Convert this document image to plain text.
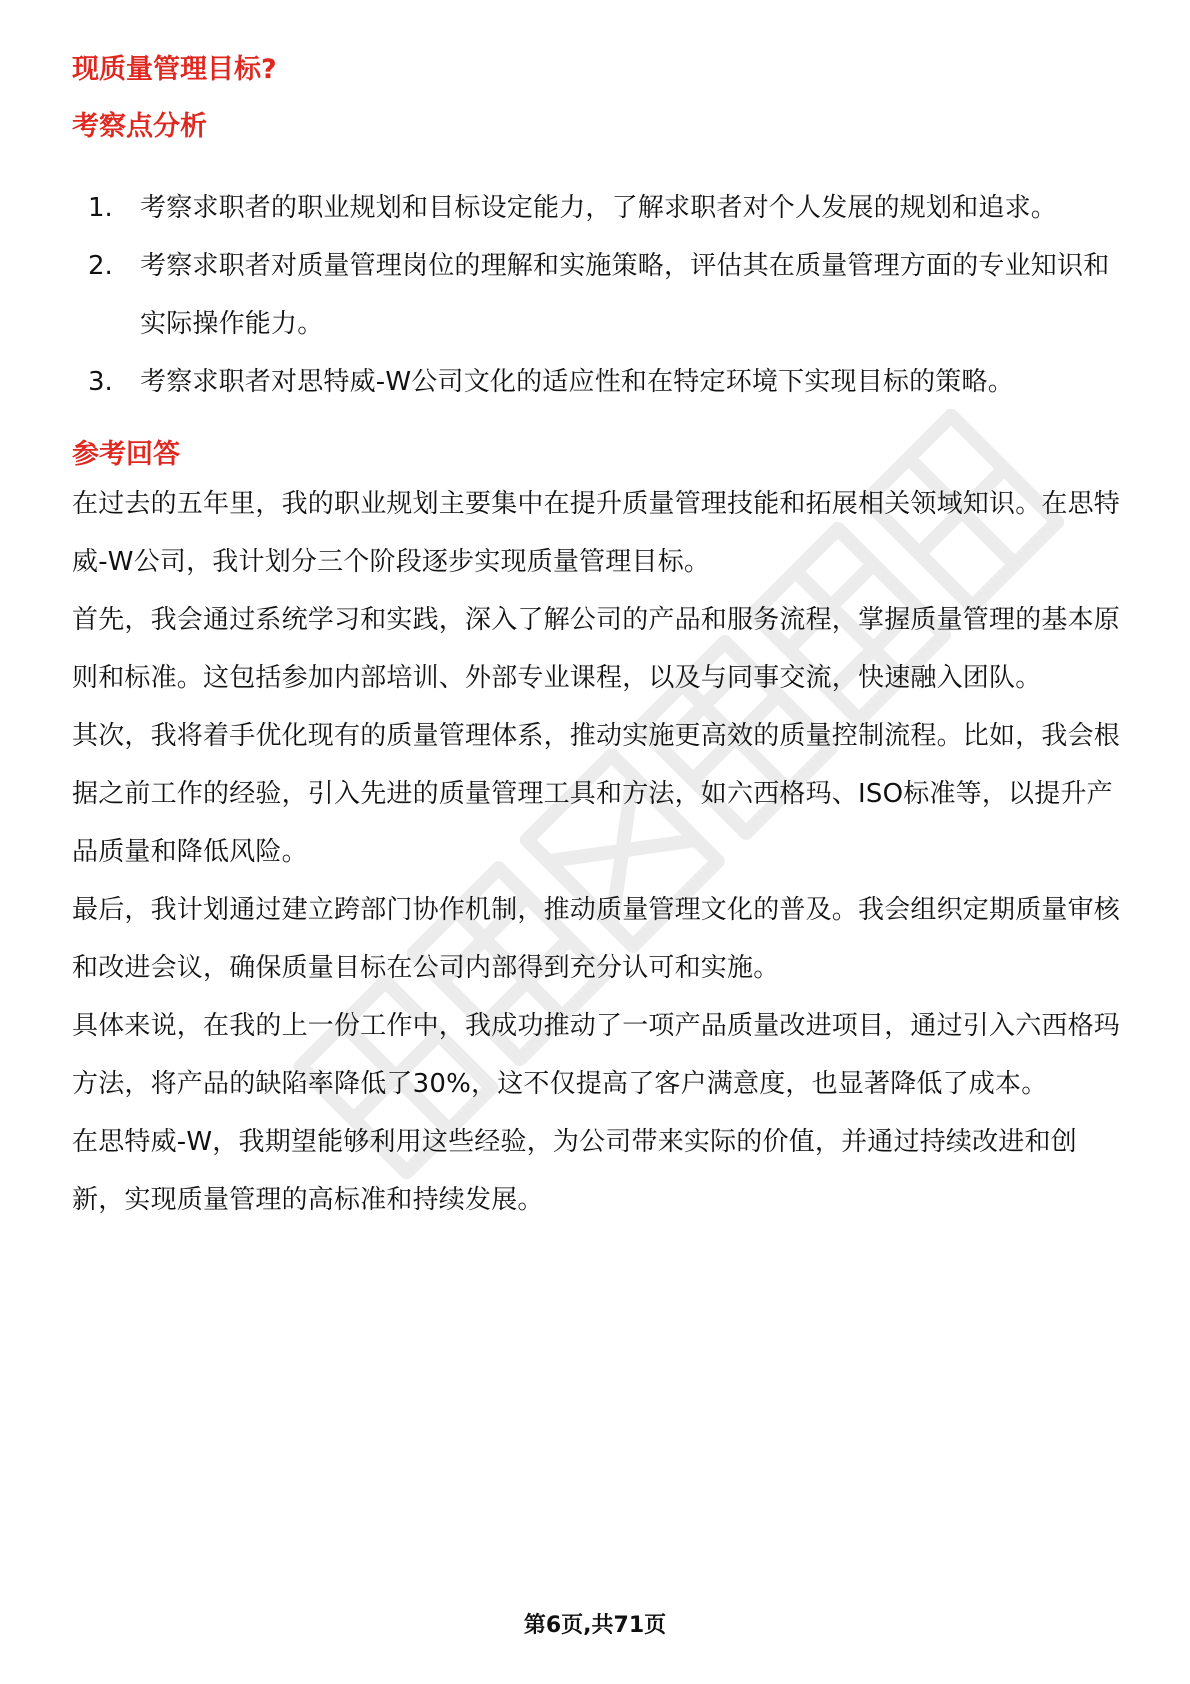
现质量管理目标?
考察点分析
1.	考察求职者的职业规划和目标设定能力，了解求职者对个人发展的规划和追求。
2.	考察求职者对质量管理岗位的理解和实施策略，评估其在质量管理方面的专业知识和实际操作能力。
3.	考察求职者对思特威-W公司文化的适应性和在特定环境下实现目标的策略。
参考回答

在过去的五年里，我的职业规划主要集中在提升质量管理技能和拓展相关领域知识。在思特威-W公司，我计划分三个阶段逐步实现质量管理目标。

首先，我会通过系统学习和实践，深入了解公司的产品和服务流程，掌握质量管理的基本原则和标准。这包括参加内部培训、外部专业课程，以及与同事交流，快速融入团队。

其次，我将着手优化现有的质量管理体系，推动实施更高效的质量控制流程。比如，我会根据之前工作的经验，引入先进的质量管理工具和方法，如六西格玛、ISO标准等，以提升产品质量和降低风险。

最后，我计划通过建立跨部门协作机制，推动质量管理文化的普及。我会组织定期质量审核和改进会议，确保质量目标在公司内部得到充分认可和实施。

具体来说，在我的上一份工作中，我成功推动了一项产品质量改进项目，通过引入六西格玛方法，将产品的缺陷率降低了30%，这不仅提高了客户满意度，也显著降低了成本。

在思特威-W，我期望能够利用这些经验，为公司带来实际的价值，并通过持续改进和创新，实现质量管理的高标准和持续发展。

第6页,共71页
